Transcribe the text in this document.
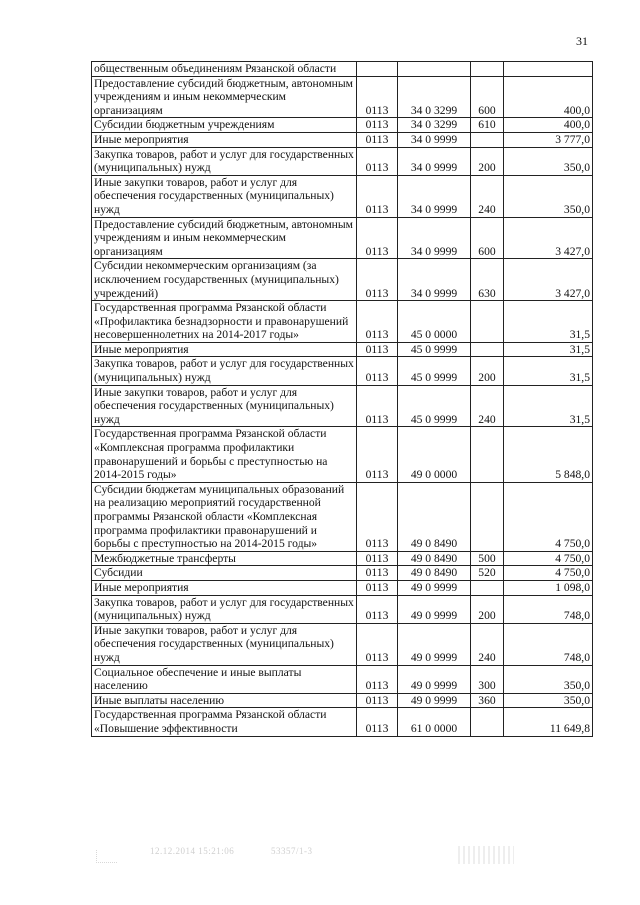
31
общественным объединениям Рязанской области				
Предоставление субсидий бюджетным, автономным учреждениям и иным некоммерческим организациям	0113	34 0 3299	600	400,0
Субсидии бюджетным учреждениям	0113	34 0 3299	610	400,0
Иные мероприятия	0113	34 0 9999		3 777,0
Закупка товаров, работ и услуг для государственных (муниципальных) нужд	0113	34 0 9999	200	350,0
Иные закупки товаров, работ и услуг для обеспечения государственных (муниципальных) нужд	0113	34 0 9999	240	350,0
Предоставление субсидий бюджетным, автономным учреждениям и иным некоммерческим организациям	0113	34 0 9999	600	3 427,0
Субсидии некоммерческим организациям (за исключением государственных (муниципальных) учреждений)	0113	34 0 9999	630	3 427,0
Государственная программа Рязанской области «Профилактика безнадзорности и правонарушений несовершеннолетних на 2014-2017 годы»	0113	45 0 0000		31,5
Иные мероприятия	0113	45 0 9999		31,5
Закупка товаров, работ и услуг для государственных (муниципальных) нужд	0113	45 0 9999	200	31,5
Иные закупки товаров, работ и услуг для обеспечения государственных (муниципальных) нужд	0113	45 0 9999	240	31,5
Государственная программа Рязанской области «Комплексная программа профилактики правонарушений и борьбы с преступностью на 2014-2015 годы»	0113	49 0 0000		5 848,0
Субсидии бюджетам муниципальных образований на реализацию мероприятий государственной программы Рязанской области «Комплексная программа профилактики правонарушений и борьбы с преступностью на 2014-2015 годы»	0113	49 0 8490		4 750,0
Межбюджетные трансферты	0113	49 0 8490	500	4 750,0
Субсидии	0113	49 0 8490	520	4 750,0
Иные мероприятия	0113	49 0 9999		1 098,0
Закупка товаров, работ и услуг для государственных (муниципальных) нужд	0113	49 0 9999	200	748,0
Иные закупки товаров, работ и услуг для обеспечения государственных (муниципальных) нужд	0113	49 0 9999	240	748,0
Социальное обеспечение и иные выплаты населению	0113	49 0 9999	300	350,0
Иные выплаты населению	0113	49 0 9999	360	350,0
Государственная программа Рязанской области «Повышение эффективности	0113	61 0 0000		11 649,8
12.12.2014 15:21:06	53357/1-3
